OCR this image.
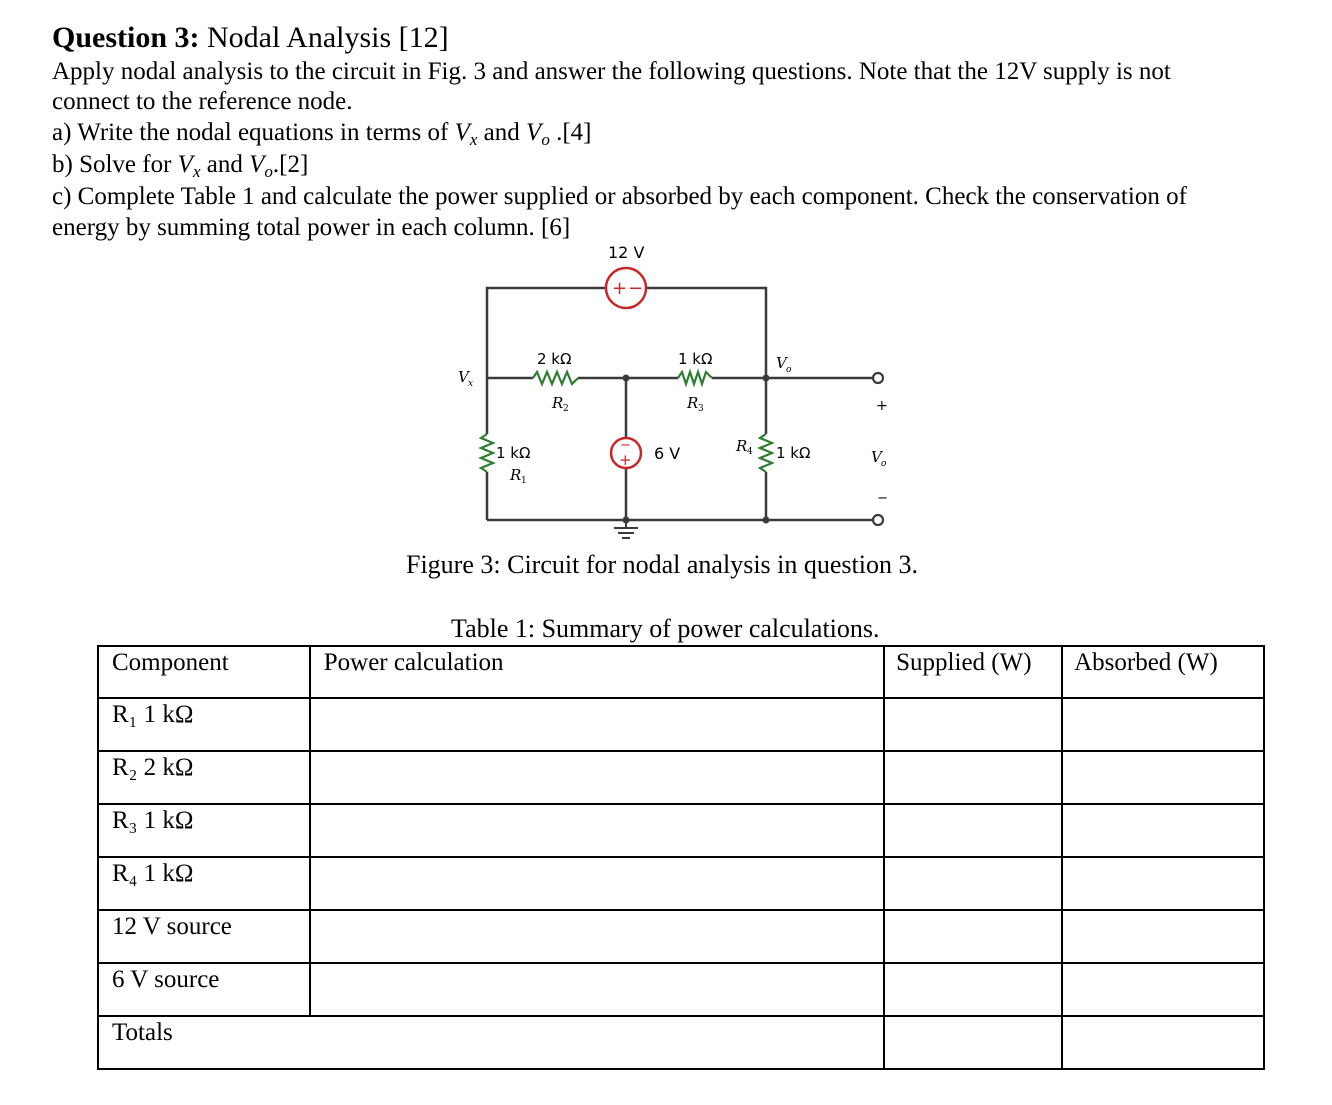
Question 3: Nodal Analysis [12]
Apply nodal analysis to the circuit in Fig. 3 and answer the following questions. Note that the 12V supply is not
connect to the reference node.
a) Write the nodal equations in terms of $V_x$ and $V_o$ .[4]
b) Solve for $V_x$ and $V_o.[2]$
c) Complete Table 1 and calculate the power supplied or absorbed by each component. Check the conservation of
energy by summing total power in each column. [6]
+ −
12 V
−
+ 6 V
2 kΩ
R 2
1 kΩ
R 3
1 kΩ
R 1
1 kΩ
R 4
V x
V o
+
V o
−
Figure 3: Circuit for nodal analysis in question 3.
Table 1: Summary of power calculations.
Component	Power calculation	Supplied (W)	Absorbed (W)
R₁ 1 kΩ			
R₂ 2 kΩ			
R₃ 1 kΩ			
R₄ 1 kΩ			
12 V source			
6 V source			
Totals			
